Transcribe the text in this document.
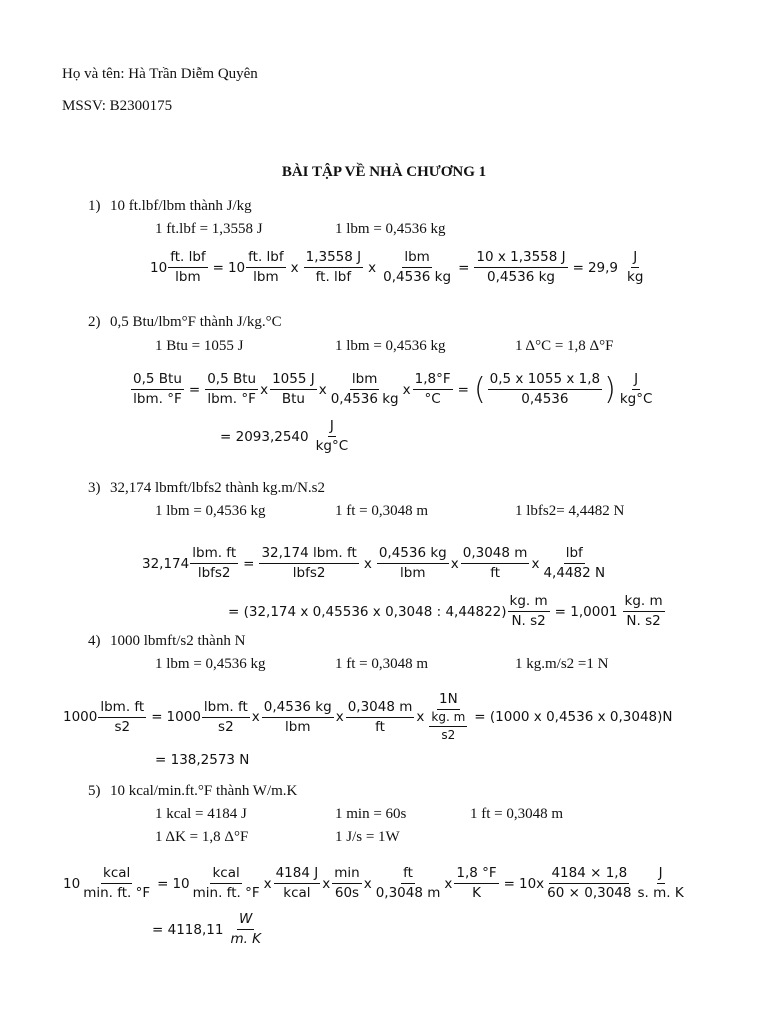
Họ và tên: Hà Trần Diễm Quyên
MSSV: B2300175
BÀI TẬP VỀ NHÀ CHƯƠNG 1
1) 10 ft.lbf/lbm thành J/kg
1 ft.lbf = 1,3558 J	1 lbm = 0,4536 kg
10
ft. lbf
lbm
= 10
ft. lbf
lbm
x
1,3558 J
ft. lbf
x
lbm
0,4536 kg
= $\frac{10 x 1,3558 J}{0,4536 kg} = 29,9$
J
kg
2) 0,5 Btu/lbm°F thành J/kg.°C
1 Btu = 1055 J	1 lbm = 0,4536 kg	1 Δ°C = 1,8 Δ°F
0,5 Btu
lbm. °F
=
0,5 Btu
lbm. °F
x
1055 J
Btu
x
lbm
0,4536 kg
x $\frac{1,8^\circ F}{^\circ C}$ = ( 0,5 x 1055 x 1,8
0,4536 ) J
kg°C
= 2093,2540
J
kg°C
3) 32,174 lbmft/lbfs2 thành kg.m/N.s2
1 lbm = 0,4536 kg	1 ft = 0,3048 m	1 lbfs2= 4,4482 N
32,174
lbm. ft
lbfs2
=
32,174 lbm. ft
lbfs2
x
0,4536 kg
lbm
x
0,3048 m
ft
x
lbf
4,4482 N
= (32,174 x 0,45536 x 0,3048 : 4,44822)
kg. m
N. s2
= 1,0001
kg. m
N. s2
4) 1000 lbmft/s2 thành N
1 lbm = 0,4536 kg	1 ft = 0,3048 m	1 kg.m/s2 =1 N
1000
lbm. ft
s2
= 1000
lbm. ft
s2
x
0,4536 kg
lbm
x
0,3048 m
ft
x
1N
$\frac{kg. m}{s2} = (1000$ x 0,4536 x 0,3048)N
= 138,2573 N
5) 10 kcal/min.ft.°F thành W/m.K
1 kcal = 4184 J	1 min = 60s	1 ft = 0,3048 m
1 ΔK = 1,8 Δ°F	1 J/s = 1W
10
kcal
min. ft. °F
= 10
kcal
min. ft. °F
x
4184 J
kcal
x
min
60s
x
ft
0,3048 m
x $\frac{1,8 ^\circ F}{K} = 10x$
4184 × 1,8
60 × 0,3048
J
s. m. K
= 4118,11
W
m. K
